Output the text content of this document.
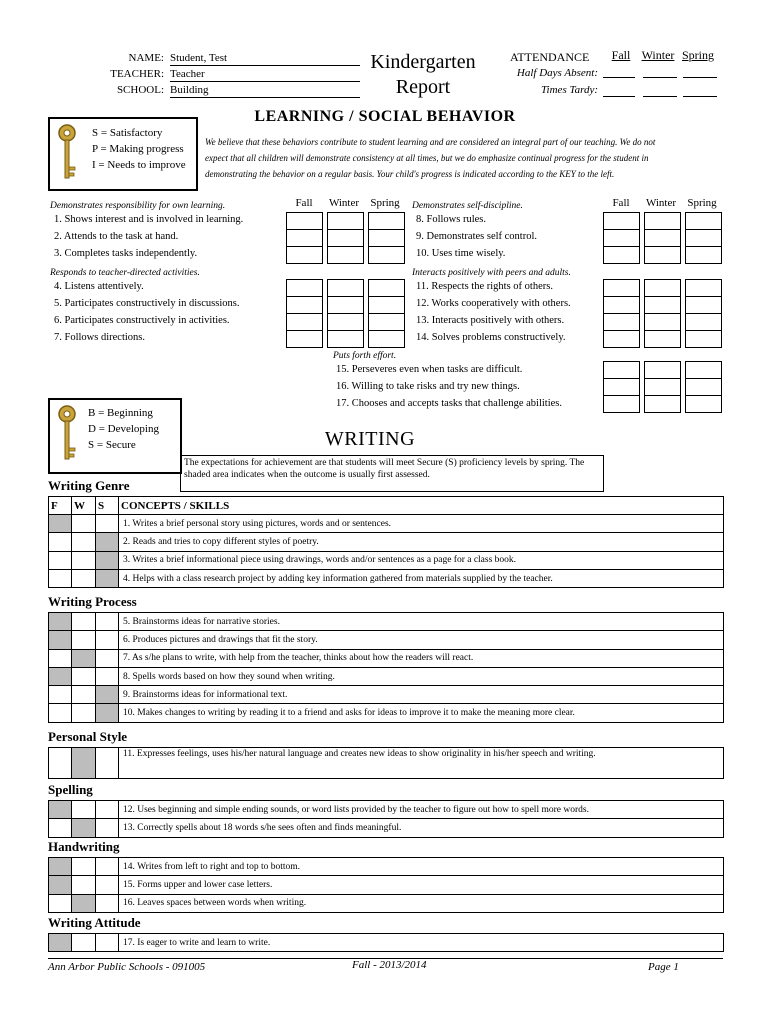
NAME: Student, Test
TEACHER: Teacher
SCHOOL: Building
Kindergarten
Report
ATTENDANCE	Fall Winter Spring
Half Days Absent:
Times Tardy:
LEARNING / SOCIAL BEHAVIOR
S = Satisfactory
P = Making progress
I = Needs to improve
We believe that these behaviors contribute to student learning and are considered an integral part of our teaching. We do not
expect that all children will demonstrate consistency at all times, but we do emphasize continual progress for the student in
demonstrating the behavior on a regular basis. Your child's progress is indicated according to the KEY to the left.
Fall	Winter	Spring	Fall	Winter	Spring
Demonstrates responsibility for own learning.
1. Shows interest and is involved in learning.
2. Attends to the task at hand.
3. Completes tasks independently.
Responds to teacher-directed activities.
4. Listens attentively.
5. Participates constructively in discussions.
6. Participates constructively in activities.
7. Follows directions.
Demonstrates self-discipline.
8. Follows rules.
9. Demonstrates self control.
10. Uses time wisely.
Interacts positively with peers and adults.
11. Respects the rights of others.
12. Works cooperatively with others.
13. Interacts positively with others.
14. Solves problems constructively.
Puts forth effort.
15. Perseveres even when tasks are difficult.
16. Willing to take risks and try new things.
17. Chooses and accepts tasks that challenge abilities.
B = Beginning
D = Developing
S = Secure	WRITING
The expectations for achievement are that students will meet Secure (S) proficiency levels by spring. The shaded area indicates when the outcome is usually first assessed.
Writing Genre
F	W	S	CONCEPTS / SKILLS
			1. Writes a brief personal story using pictures, words and or sentences.
			2. Reads and tries to copy different styles of poetry.
			3. Writes a brief informational piece using drawings, words and/or sentences as a page for a class book.
			4. Helps with a class research project by adding key information gathered from materials supplied by the teacher.
Writing Process
			5. Brainstorms ideas for narrative stories.
			6. Produces pictures and drawings that fit the story.
			7. As s/he plans to write, with help from the teacher, thinks about how the readers will react.
			8. Spells words based on how they sound when writing.
			9. Brainstorms ideas for informational text.
			10. Makes changes to writing by reading it to a friend and asks for ideas to improve it to make the meaning more clear.
Personal Style
			11. Expresses feelings, uses his/her natural language and creates new ideas to show originality in his/her speech and writing.
Spelling
			12. Uses beginning and simple ending sounds, or word lists provided by the teacher to figure out how to spell more words.
			13. Correctly spells about 18 words s/he sees often and finds meaningful.
Handwriting
			14. Writes from left to right and top to bottom.
			15. Forms upper and lower case letters.
			16. Leaves spaces between words when writing.
Writing Attitude
			17. Is eager to write and learn to write.
Ann Arbor Public Schools - 091005	Fall - 2013/2014	Page 1
